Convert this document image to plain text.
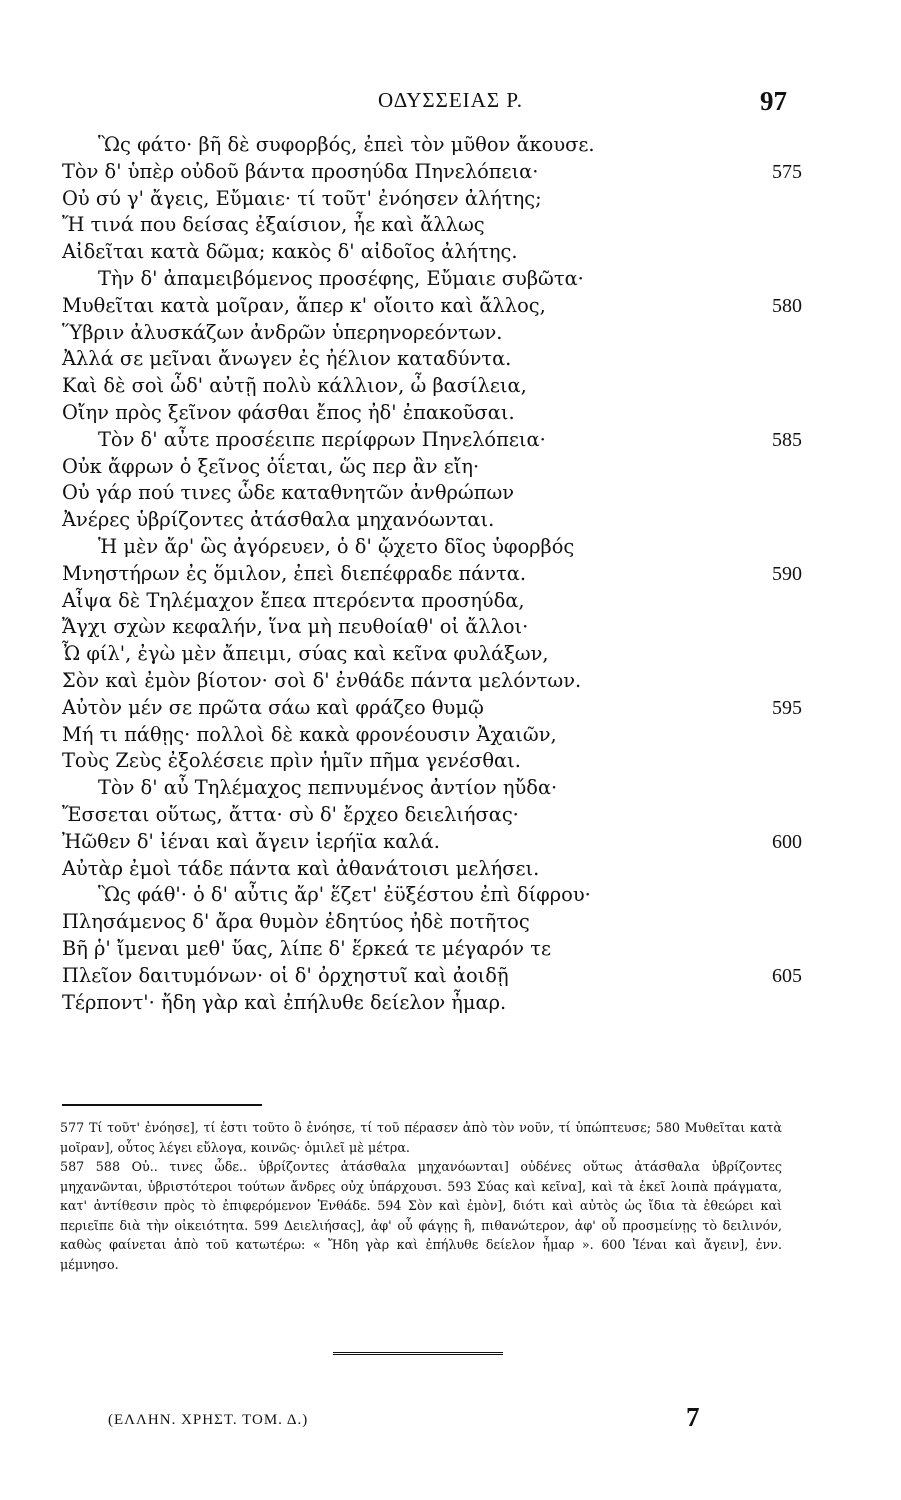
ΟΔΥΣΣΕΙΑΣ Ρ.	97
Ὣς φάτο· βῆ δὲ συφορβός, ἐπεὶ τὸν μῦθον ἄκουσε.
Τὸν δ' ὑπὲρ οὐδοῦ βάντα προσηύδα Πηνελόπεια·	575
Οὐ σύ γ' ἄγεις, Εὔμαιε· τί τοῦτ' ἐνόησεν ἀλήτης;
Ἤ τινά που δείσας ἐξαίσιον, ἦε καὶ ἄλλως
Αἰδεῖται κατὰ δῶμα; κακὸς δ' αἰδοῖος ἀλήτης.
Τὴν δ' ἀπαμειβόμενος προσέφης, Εὔμαιε συβῶτα·
Μυθεῖται κατὰ μοῖραν, ἅπερ κ' οἴοιτο καὶ ἄλλος,	580
Ὕβριν ἀλυσκάζων ἀνδρῶν ὑπερηνορεόντων.
Ἀλλά σε μεῖναι ἄνωγεν ἐς ἠέλιον καταδύντα.
Καὶ δὲ σοὶ ὧδ' αὐτῇ πολὺ κάλλιον, ὦ βασίλεια,
Οἴην πρὸς ξεῖνον φάσθαι ἔπος ἠδ' ἐπακοῦσαι.
Τὸν δ' αὖτε προσέειπε περίφρων Πηνελόπεια·	585
Οὐκ ἄφρων ὁ ξεῖνος ὀΐεται, ὥς περ ἂν εἴη·
Οὐ γάρ πού τινες ὧδε καταθνητῶν ἀνθρώπων
Ἀνέρες ὑβρίζοντες ἀτάσθαλα μηχανόωνται.
Ἡ μὲν ἄρ' ὣς ἀγόρευεν, ὁ δ' ᾤχετο δῖος ὑφορβός
Μνηστήρων ἐς ὅμιλον, ἐπεὶ διεπέφραδε πάντα.	590
Αἶψα δὲ Τηλέμαχον ἔπεα πτερόεντα προσηύδα,
Ἄγχι σχὼν κεφαλήν, ἵνα μὴ πευθοίαθ' οἱ ἄλλοι·
Ὦ φίλ', ἐγὼ μὲν ἄπειμι, σύας καὶ κεῖνα φυλάξων,
Σὸν καὶ ἐμὸν βίοτον· σοὶ δ' ἐνθάδε πάντα μελόντων.
Αὐτὸν μέν σε πρῶτα σάω καὶ φράζεο θυμῷ	595
Μή τι πάθῃς· πολλοὶ δὲ κακὰ φρονέουσιν Ἀχαιῶν,
Τοὺς Ζεὺς ἐξολέσειε πρὶν ἡμῖν πῆμα γενέσθαι.
Τὸν δ' αὖ Τηλέμαχος πεπνυμένος ἀντίον ηὔδα·
Ἔσσεται οὕτως, ἄττα· σὺ δ' ἔρχεο δειελιήσας·
Ἠῶθεν δ' ἰέναι καὶ ἄγειν ἱερήϊα καλά.	600
Αὐτὰρ ἐμοὶ τάδε πάντα καὶ ἀθανάτοισι μελήσει.
Ὣς φάθ'· ὁ δ' αὖτις ἄρ' ἕζετ' ἐϋξέστου ἐπὶ δίφρου·
Πλησάμενος δ' ἄρα θυμὸν ἐδητύος ἠδὲ ποτῆτος
Βῆ ῥ' ἴμεναι μεθ' ὕας, λίπε δ' ἕρκεά τε μέγαρόν τε
Πλεῖον δαιτυμόνων· οἱ δ' ὀρχηστυῖ καὶ ἀοιδῇ	605
Τέρποντ'· ἤδη γὰρ καὶ ἐπήλυθε δείελον ἦμαρ.

577 Τί τοῦτ' ἐνόησε], τί ἐστι τοῦτο ὃ ἐνόησε, τί τοῦ πέρασεν ἀπὸ τὸν νοῦν, τί ὑπώπτευσε; 580 Μυθεῖται κατὰ μοῖραν], οὗτος λέγει εὔλογα, κοινῶς· ὁμιλεῖ μὲ μέτρα.

587 588 Οὐ.. τινες ὧδε.. ὑβρίζοντες ἀτάσθαλα μηχανόωνται] οὐδένες οὕτως ἀτάσθαλα ὑβρίζοντες μηχανῶνται, ὑβριστότεροι τούτων ἄνδρες οὐχ ὑπάρχουσι. 593 Σύας καὶ κεῖνα], καὶ τὰ ἐκεῖ λοιπὰ πράγματα, κατ' ἀντίθεσιν πρὸς τὸ ἐπιφερόμενον Ἐνθάδε. 594 Σὸν καὶ ἐμὸν], διότι καὶ αὐτὸς ὡς ἴδια τὰ ἐθεώρει καὶ περιεῖπε διὰ τὴν οἰκειότητα. 599 Δειελιήσας], ἀφ' οὗ φάγῃς ἢ, πιθανώτερον, ἀφ' οὗ προσμείνῃς τὸ δειλινόν, καθὼς φαίνεται ἀπὸ τοῦ κατωτέρω: « Ἤδη γὰρ καὶ ἐπήλυθε δείελον ἦμαρ ». 600 Ἰέναι καὶ ἄγειν], ἐνν. μέμνησο.

(ΕΛΛΗΝ. ΧΡΗΣΤ. ΤΟΜ. Δ.)	7
